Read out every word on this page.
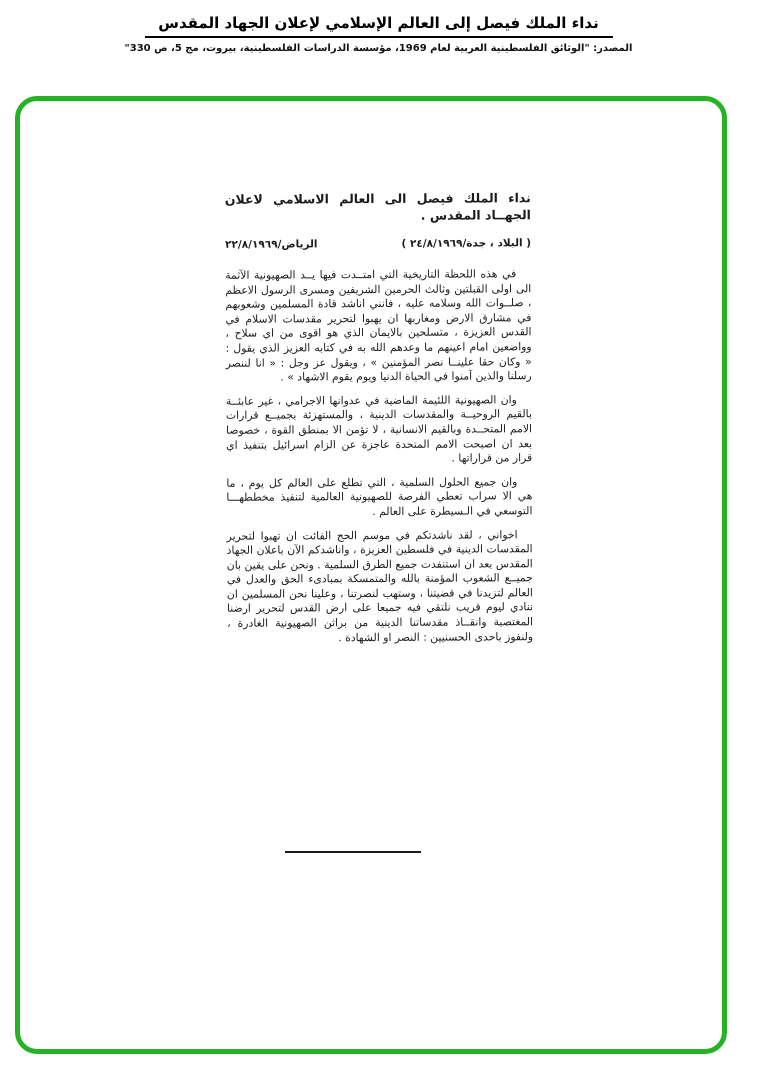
نداء الملك فيصل إلى العالم الإسلامي لإعلان الجهاد المقدس
المصدر: "الوثائق الفلسطينية العربية لعام 1969، مؤسسة الدراسات الفلسطينية، بيروت، مج 5، ص 330"
نداء الملك فيصل الى العالم الاسلامي لاعلان الجهــاد المقدس .
الرياض/٢٢/٨/١٩٦٩	( البلاد ، جدة/٢٤/٨/١٩٦٩ )

في هذه اللحظة التاريخية التي امتــدت فيها يــد الصهيونية الآثمة الى اولى القبلتين وثالث الحرمين الشريفين ومسرى الرسول الاعظم ، صلــوات الله وسلامه عليه ، فانني اناشد قادة المسلمين وشعوبهم في مشارق الارض ومغاربها ان يهبوا لتحرير مقدسات الاسلام في القدس العزيزة ، متسلحين بالايمان الذي هو اقوى من اي سلاح ، وواضعين امام اعينهم ما وعدهم الله به في كتابه العزيز الذي يقول : « وكان حقا علينــا نصر المؤمنين » ، ويقول عز وجل : « انا لننصر رسلنا والذين آمنوا في الحياة الدنيا ويوم يقوم الاشهاد » .

وان الصهيونية اللئيمة الماضية في عدوانها الاجرامي ، غير عابئــة بالقيم الروحيــة والمقدسات الدينية ، والمستهزئة بجميــع قرارات الامم المتحــدة وبالقيم الانسانية ، لا تؤمن الا بمنطق القوة ، خصوصا بعد ان اصبحت الامم المتحدة عاجزة عن الزام اسرائيل بتنفيذ اي قرار من قراراتها .

وان جميع الحلول السلمية ، التي تطلع على العالم كل يوم ، ما هي الا سراب تعطي الفرصة للصهيونية العالمية لتنفيذ مخططهـــا التوسعي في الـسيطرة على العالم .

اخواني ، لقد ناشدتكم في موسم الحج الفائت ان تهبوا لتحرير المقدسات الدينية في فلسطين العزيزة ، واناشدكم الآن باعلان الجهاد المقدس بعد ان استنفدت جميع الطرق السلمية . ونحن على يقين بان جميــع الشعوب المؤمنة بالله والمتمسكة بمبادىء الحق والعدل في العالم لتزيدنا في قضيتنا ، وستهب لنصرتنا ، وعلينا نحن المسلمين ان ننادي ليوم قريب نلتقي فيه جميعا على ارض القدس لتحرير ارضنا المغتصبة وانقــاذ مقدساتنا الدينية من براثن الصهيونية الغادرة ، ولنفوز باحدى الحسنيين : النصر او الشهادة .
